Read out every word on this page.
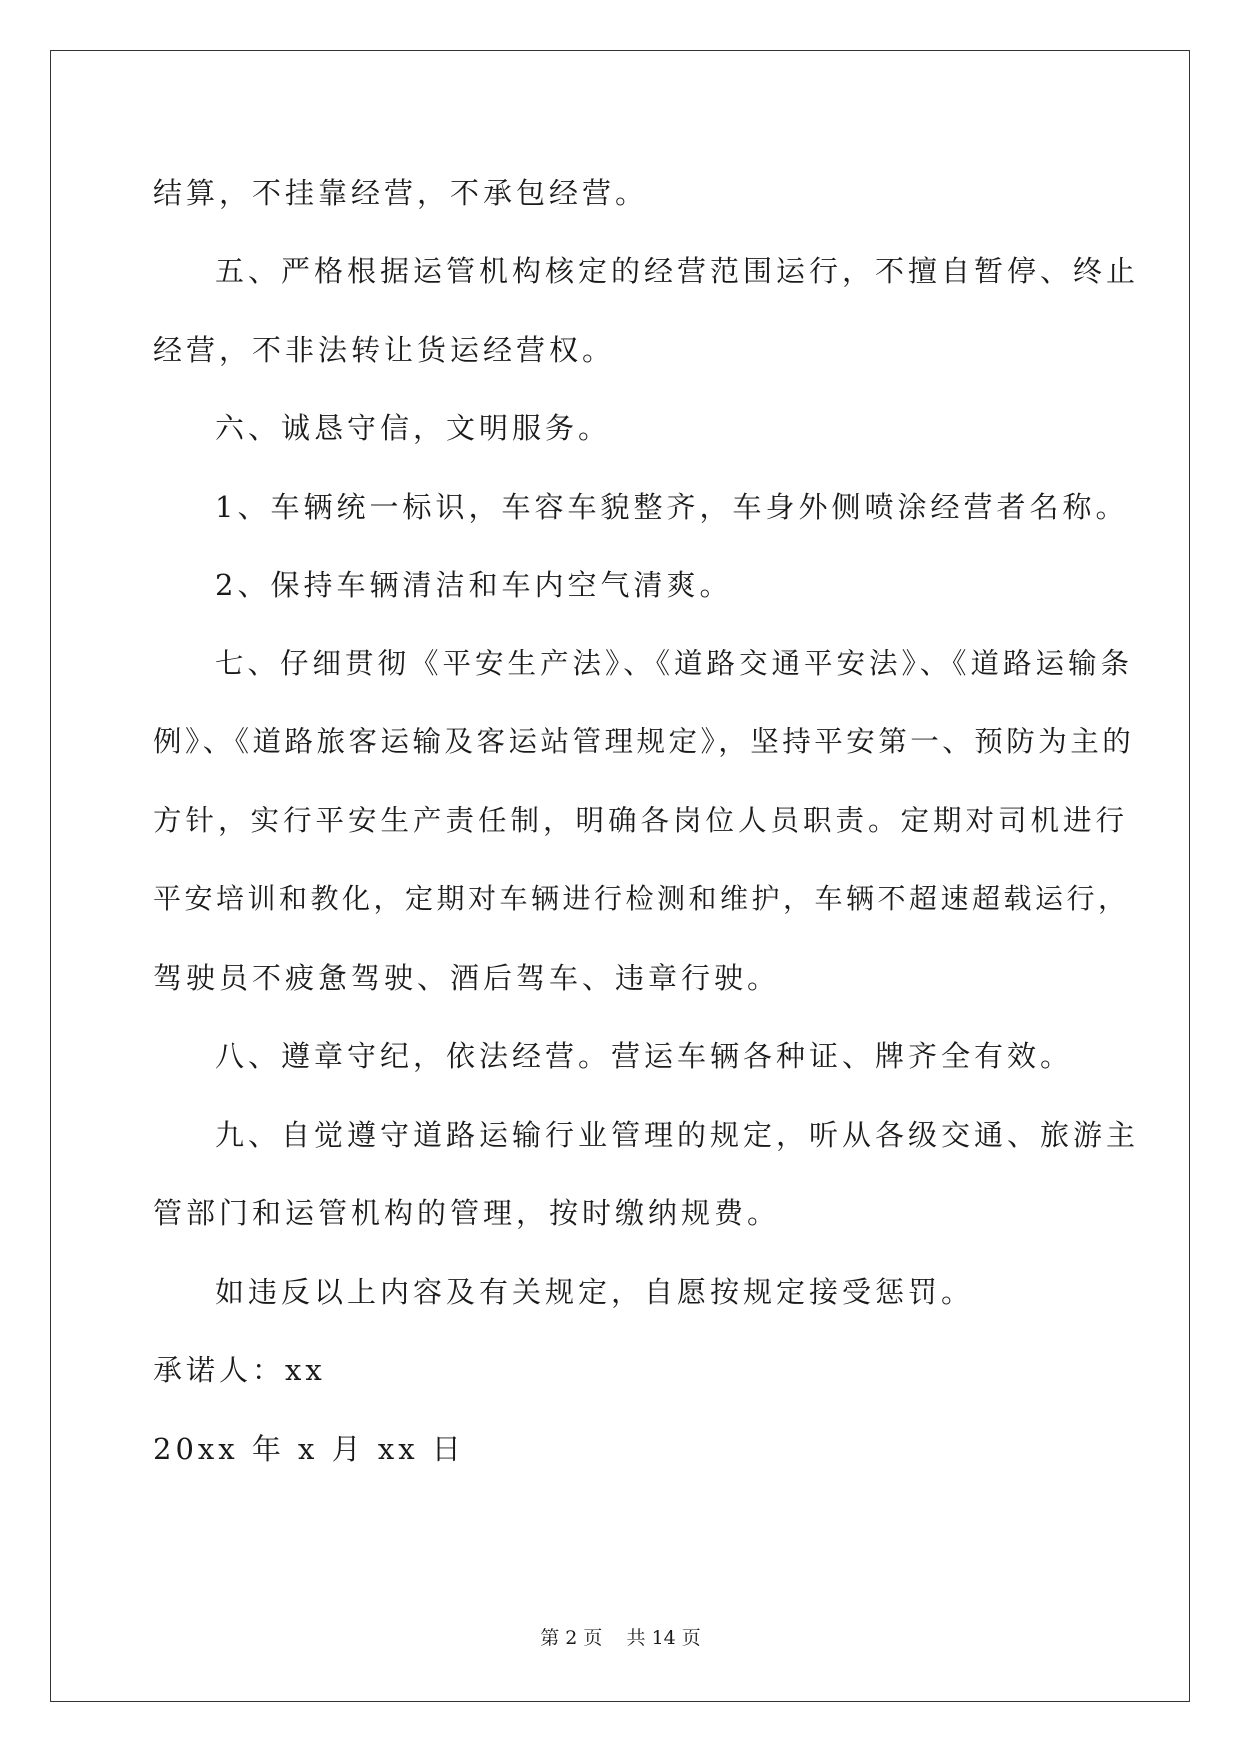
结算，不挂靠经营，不承包经营。
五、严格根据运管机构核定的经营范围运行，不擅自暂停、终止
经营，不非法转让货运经营权。
六、诚恳守信，文明服务。
1、车辆统一标识，车容车貌整齐，车身外侧喷涂经营者名称。
2、保持车辆清洁和车内空气清爽。
七、仔细贯彻《平安生产法》、《道路交通平安法》、《道路运输条
例》、《道路旅客运输及客运站管理规定》，坚持平安第一、预防为主的
方针，实行平安生产责任制，明确各岗位人员职责。定期对司机进行
平安培训和教化，定期对车辆进行检测和维护，车辆不超速超载运行，
驾驶员不疲惫驾驶、酒后驾车、违章行驶。
八、遵章守纪，依法经营。营运车辆各种证、牌齐全有效。
九、自觉遵守道路运输行业管理的规定，听从各级交通、旅游主
管部门和运管机构的管理，按时缴纳规费。
如违反以上内容及有关规定，自愿按规定接受惩罚。
承诺人：xx
20xx 年 x 月 xx 日
第 2 页    共 14 页
